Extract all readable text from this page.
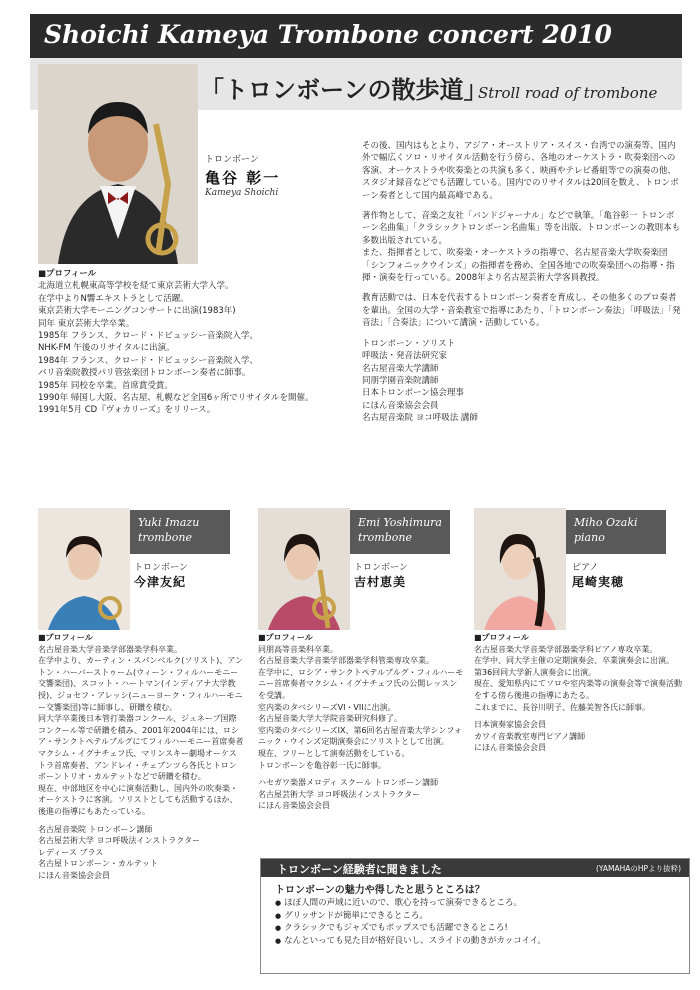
Shoichi Kameya Trombone concert 2010
「トロンボーンの散歩道」
Stroll road of trombone
トロンボーン
亀谷 彰一
Kameya Shoichi

■プロフィール

北海道立札幌東高等学校を経て東京芸術大学入学。

在学中よりN響エキストラとして活躍。

東京芸術大学モーニングコンサートに出演(1983年)

同年 東京芸術大学卒業。

1985年 フランス、クロード・ドビュッシー音楽院入学。

NHK-FM 午後のリサイタルに出演。

1984年 フランス、クロード・ドビュッシー音楽院入学、

パリ音楽院教授パリ管弦楽団トロンボーン奏者に師事。

1985年 同校を卒業。首席賞受賞。

1990年 帰国し大阪、名古屋、札幌など全国6ヶ所でリサイタルを開催。

1991年5月 CD『ヴォカリーズ』をリリース。

その後、国内はもとより、アジア・オーストリア・スイス・台湾での演奏等、国内外で幅広くソロ・リサイタル活動を行う傍ら、各地のオーケストラ・吹奏楽団への客演、オーケストラや吹奏楽との共演も多く、映画やテレビ番組等での演奏の他、スタジオ録音などでも活躍している。国内でのリサイタルは20回を数え、トロンボーン奏者として国内最高峰である。

著作物として、音楽之友社「バンドジャーナル」などで執筆。「亀谷彰一 トロンボーン名曲集」「クラシックトロンボーン名曲集」等を出版、トロンボーンの教則本も多数出版されている。

また、指揮者として、吹奏楽・オーケストラの指導で、名古屋音楽大学吹奏楽団「シンフォニックウインズ」の指揮者を務め、全国各地での吹奏楽団への指導・指揮・演奏を行っている。2008年より名古屋芸術大学客員教授。

教育活動では、日本を代表するトロンボーン奏者を育成し、その他多くのプロ奏者を輩出。全国の大学・音楽教室で指導にあたり、「トロンボーン奏法」「呼吸法」「発音法」「合奏法」について講演・活動している。

トロンボーン・ソリスト

呼吸法・発音法研究家

名古屋音楽大学講師

同朋学園音楽院講師

日本トロンボーン協会理事

にほん音楽協会会員

名古屋音楽院 ヨコ呼吸法 講師

Yuki Imazu
trombone
トロンボーン
今津友紀

■プロフィール

名古屋音楽大学音楽学部器楽学科卒業。

在学中より、カーティン・スパンベルク(ソリスト)、アントン・ハーバーストゥーム(ウィーン・フィルハーモニー交響楽団)、スコット・ハートマン(インディアナ大学教授)、ジョセフ・アレッシ(ニューヨーク・フィルハーモニー交響楽団)等に師事し、研鑽を積む。

同大学卒業後日本管打楽器コンクール、ジュネーブ国際コンクール等で研鑽を積み、2001年2004年には、ロシア・サンクトペテルブルグにてフィルハーモニー首席奏者マクシム・イグナチェフ氏、マリンスキー劇場オーケストラ首席奏者、アンドレイ・チェブンツら各氏とトロンボーントリオ・カルテットなどで研鑽を積む。

現在、中部地区を中心に演奏活動し、国内外の吹奏楽・オーケストラに客演。ソリストとしても活動するほか、後進の指導にもあたっている。

名古屋音楽院 トロンボーン講師

名古屋芸術大学 ヨコ呼吸法インストラクター

レディース ブラス

名古屋トロンボーン・カルテット

にほん音楽協会会員

Emi Yoshimura
trombone
トロンボーン
吉村恵美

■プロフィール

同朋高等音楽科卒業。

名古屋音楽大学音楽学部器楽学科管楽専攻卒業。

在学中に、ロシア・サンクトペテルブルグ・フィルハーモニー首席奏者マクシム・イグナチェフ氏の公開レッスンを受講。

室内楽のタベシリーズVI・VIIに出演。

名古屋音楽大学大学院音楽研究科修了。

室内楽のタベシリーズIX、第6回名古屋音楽大学シンフォニック・ウインズ定期演奏会にソリストとして出演。

現在、フリーとして演奏活動をしている。

トロンボーンを亀谷彰一氏に師事。

ハセガワ楽器メロディ スクール トロンボーン講師

名古屋芸術大学 ヨコ呼吸法インストラクター

にほん音楽協会会員

Miho Ozaki
piano
ピアノ
尾崎実穂

■プロフィール

名古屋音楽大学音楽学部器楽学科ピアノ専攻卒業。

在学中、同大学主催の定期演奏会、卒業演奏会に出演。

第36回同大学新人演奏会に出演。

現在、愛知県内にてソロや室内楽等の演奏会等で演奏活動をする傍ら後進の指導にあたる。

これまでに、長谷川明子、佐藤美智各氏に師事。

日本演奏家協会会員

カワイ音楽教室専門ピアノ講師

にほん音楽協会会員

トロンボーン経験者に聞きました	(YAMAHAのHPより抜粋)
トロンボーンの魅力や得したと思うところは？
● ほぼ人間の声域に近いので、歌心を持って演奏できるところ。
● グリッサンドが簡単にできるところ。
● クラシックでもジャズでもポップスでも活躍できるところ!
● なんといっても見た目が格好良いし、スライドの動きがカッコイイ。
